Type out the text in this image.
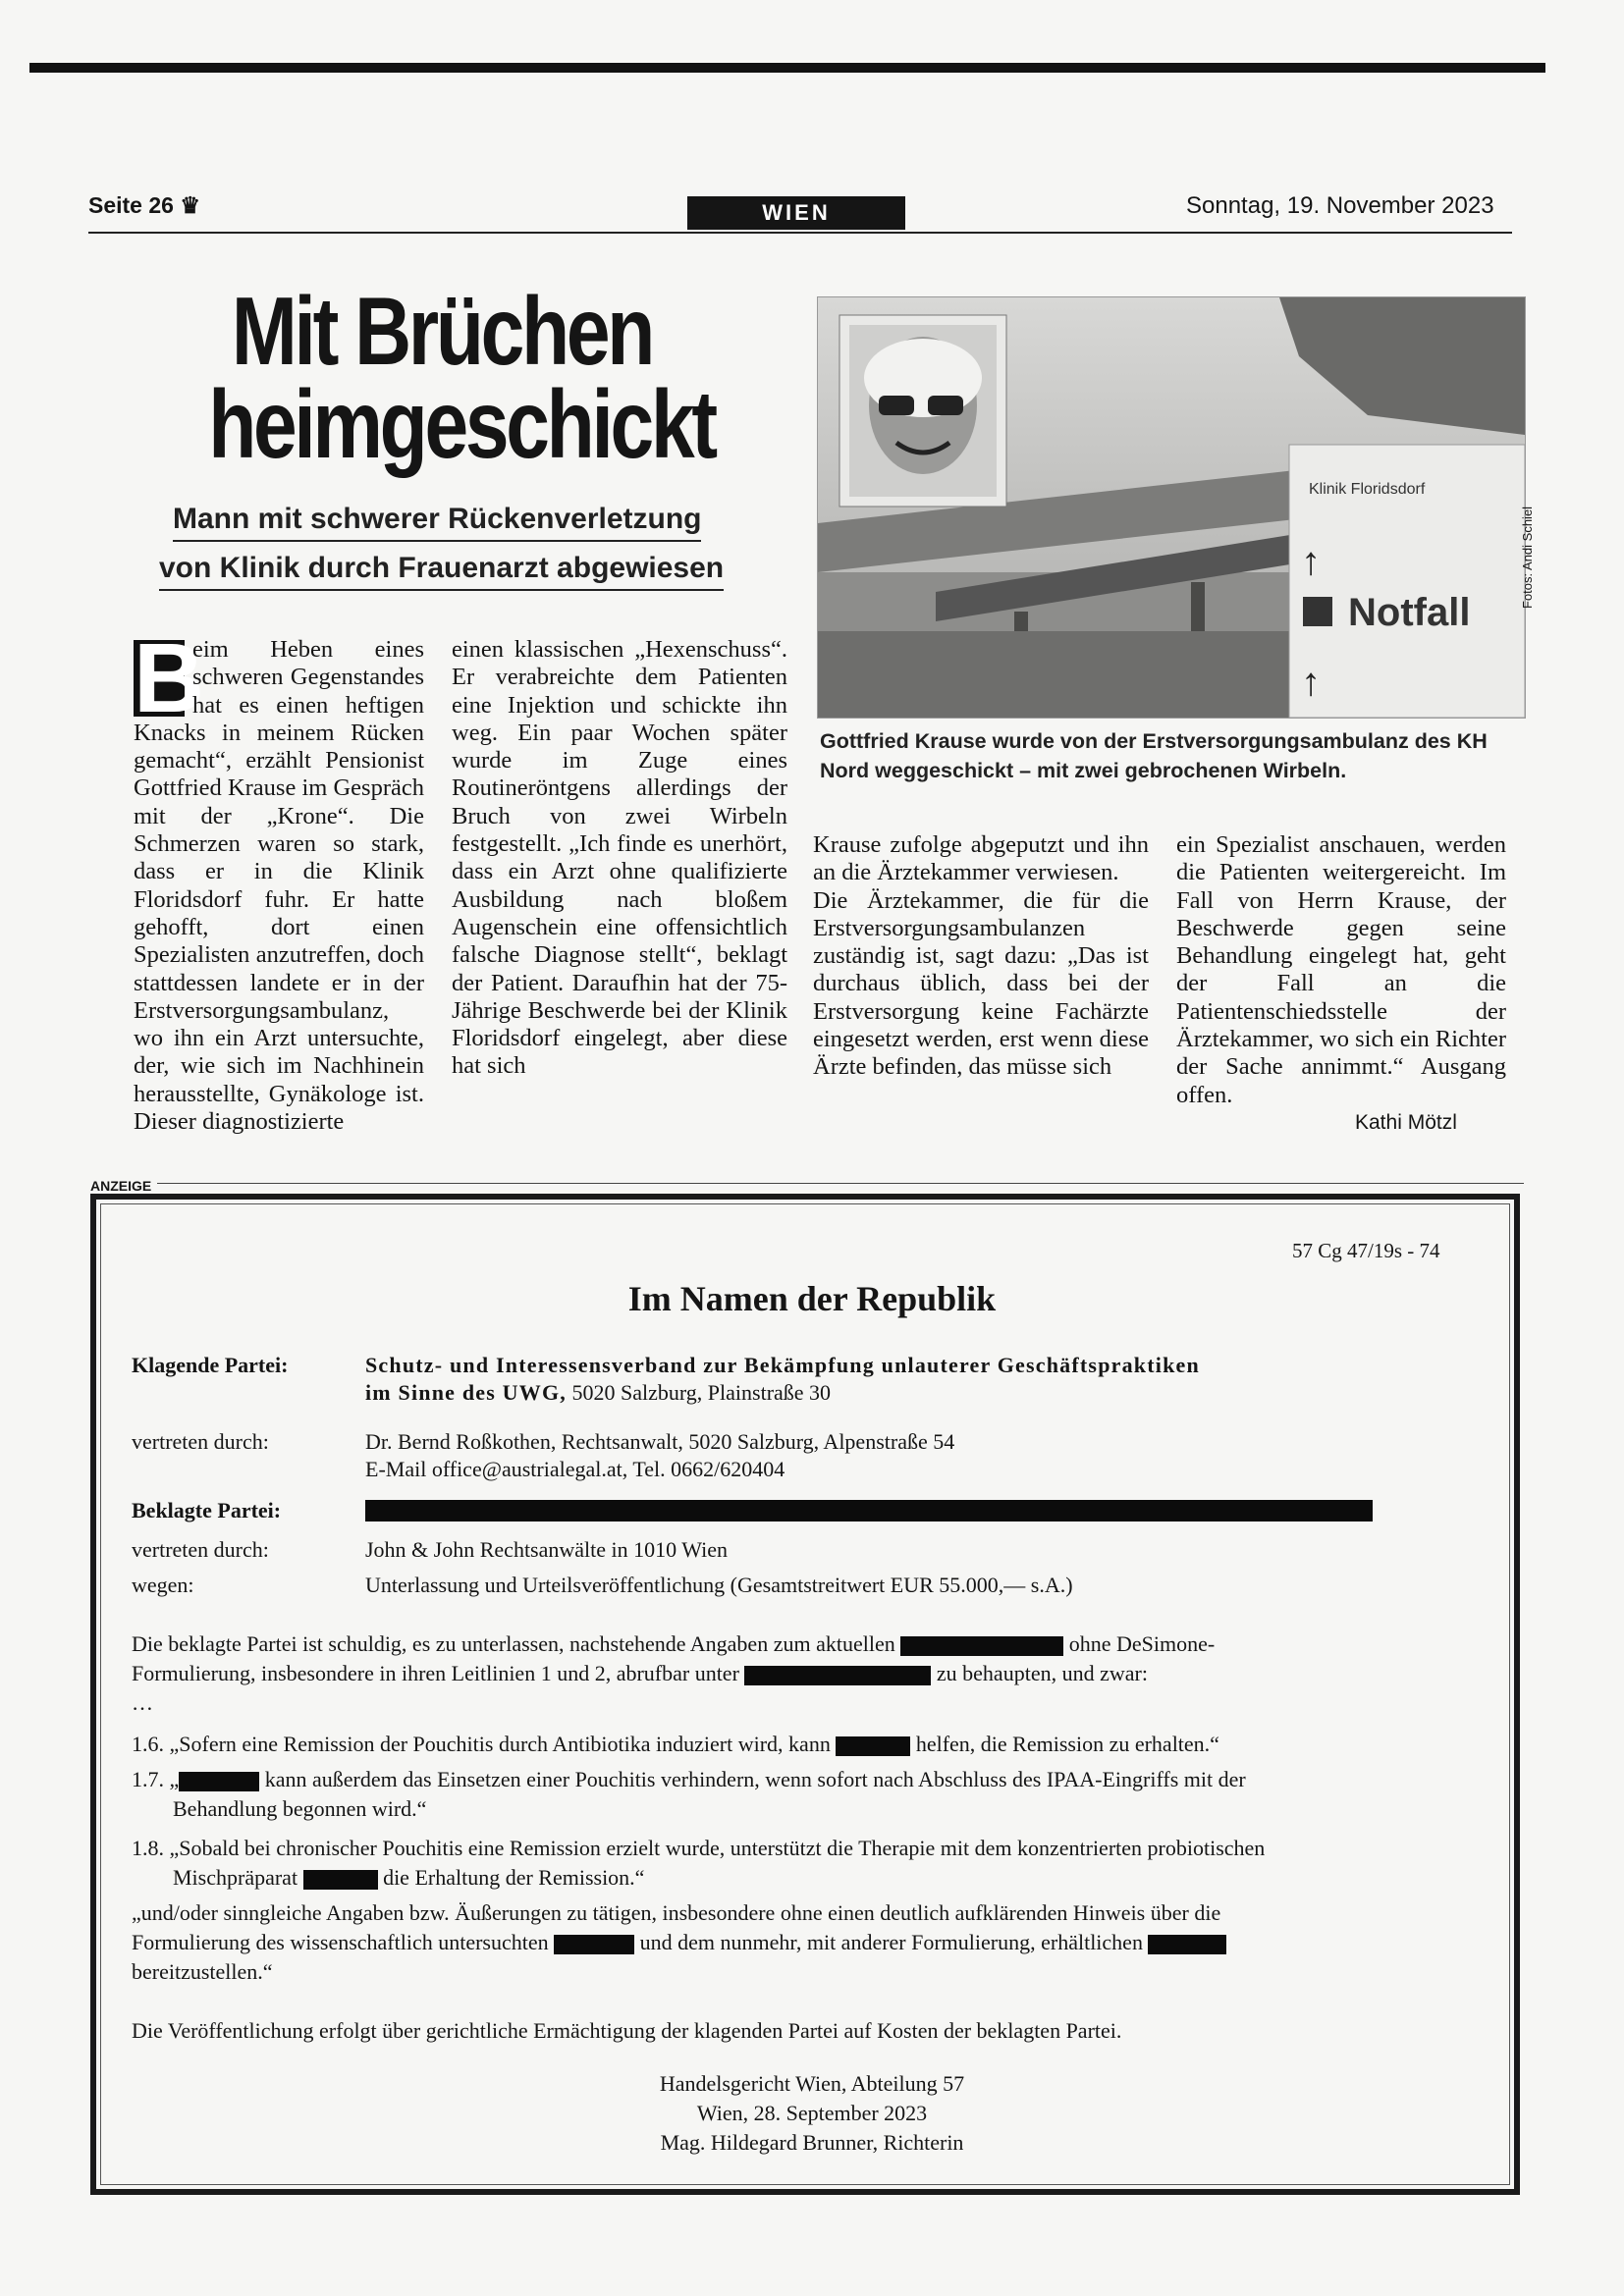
Seite 26 ♛	WIEN	Sonntag, 19. November 2023
Mit Brüchen
heimgeschickt
Mann mit schwerer Rückenverletzung
von Klinik durch Frauenarzt abgewiesen
Klinik Floridsdorf
↑
Notfall
↑
Fotos: Andi Schiel
Gottfried Krause wurde von der Erstversorgungsambulanz des KH Nord weggeschickt – mit zwei gebrochenen Wirbeln.
B
eim Heben eines schweren Gegenstandes hat es einen heftigen Knacks in meinem Rücken gemacht“, erzählt Pensionist Gottfried Krause im Gespräch mit der „Krone“. Die Schmerzen waren so stark, dass er in die Klinik Floridsdorf fuhr. Er hatte gehofft, dort einen Spezialisten anzutreffen, doch stattdessen landete er in der Erstversorgungsambulanz, wo ihn ein Arzt untersuchte, der, wie sich im Nachhinein herausstellte, Gynäkologe ist. Dieser diagnostizierte
einen klassischen „Hexenschuss“. Er verabreichte dem Patienten eine Injektion und schickte ihn weg. Ein paar Wochen später wurde im Zuge eines Routineröntgens allerdings der Bruch von zwei Wirbeln festgestellt. „Ich finde es unerhört, dass ein Arzt ohne qualifizierte Ausbildung nach bloßem Augenschein eine offensichtlich falsche Diagnose stellt“, beklagt der Patient. Daraufhin hat der 75-Jährige Beschwerde bei der Klinik Floridsdorf eingelegt, aber diese hat sich
Krause zufolge abgeputzt und ihn an die Ärztekammer verwiesen.
Die Ärztekammer, die für die Erstversorgungsambulanzen zuständig ist, sagt dazu: „Das ist durchaus üblich, dass bei der Erstversorgung keine Fachärzte eingesetzt werden, erst wenn diese Ärzte befinden, das müsse sich
ein Spezialist anschauen, werden die Patienten weitergereicht. Im Fall von Herrn Krause, der Beschwerde gegen seine Behandlung eingelegt hat, geht der Fall an die Patientenschiedsstelle der Ärztekammer, wo sich ein Richter der Sache annimmt.“ Ausgang offen.
Kathi Mötzl
ANZEIGE
57 Cg 47/19s - 74
Im Namen der Republik
Klagende Partei:	Schutz- und Interessensverband zur Bekämpfung unlauterer Geschäftspraktiken
im Sinne des UWG, 5020 Salzburg, Plainstraße 30
vertreten durch:	Dr. Bernd Roßkothen, Rechtsanwalt, 5020 Salzburg, Alpenstraße 54
E-Mail office@austrialegal.at, Tel. 0662/620404
Beklagte Partei:
vertreten durch:	John & John Rechtsanwälte in 1010 Wien
wegen:	Unterlassung und Urteilsveröffentlichung (Gesamtstreitwert EUR 55.000,— s.A.)
Die beklagte Partei ist schuldig, es zu unterlassen, nachstehende Angaben zum aktuellen	ohne DeSimone-
Formulierung, insbesondere in ihren Leitlinien 1 und 2, abrufbar unter	zu behaupten, und zwar:
…
1.6. „Sofern eine Remission der Pouchitis durch Antibiotika induziert wird, kann	helfen, die Remission zu erhalten.“
1.7. „	kann außerdem das Einsetzen einer Pouchitis verhindern, wenn sofort nach Abschluss des IPAA-Eingriffs mit der
Behandlung begonnen wird.“
1.8. „Sobald bei chronischer Pouchitis eine Remission erzielt wurde, unterstützt die Therapie mit dem konzentrierten probiotischen
Mischpräparat	die Erhaltung der Remission.“
„und/oder sinngleiche Angaben bzw. Äußerungen zu tätigen, insbesondere ohne einen deutlich aufklärenden Hinweis über die
Formulierung des wissenschaftlich untersuchten	und dem nunmehr, mit anderer Formulierung, erhältlichen
bereitzustellen.“
Die Veröffentlichung erfolgt über gerichtliche Ermächtigung der klagenden Partei auf Kosten der beklagten Partei.
Handelsgericht Wien, Abteilung 57
Wien, 28. September 2023
Mag. Hildegard Brunner, Richterin
